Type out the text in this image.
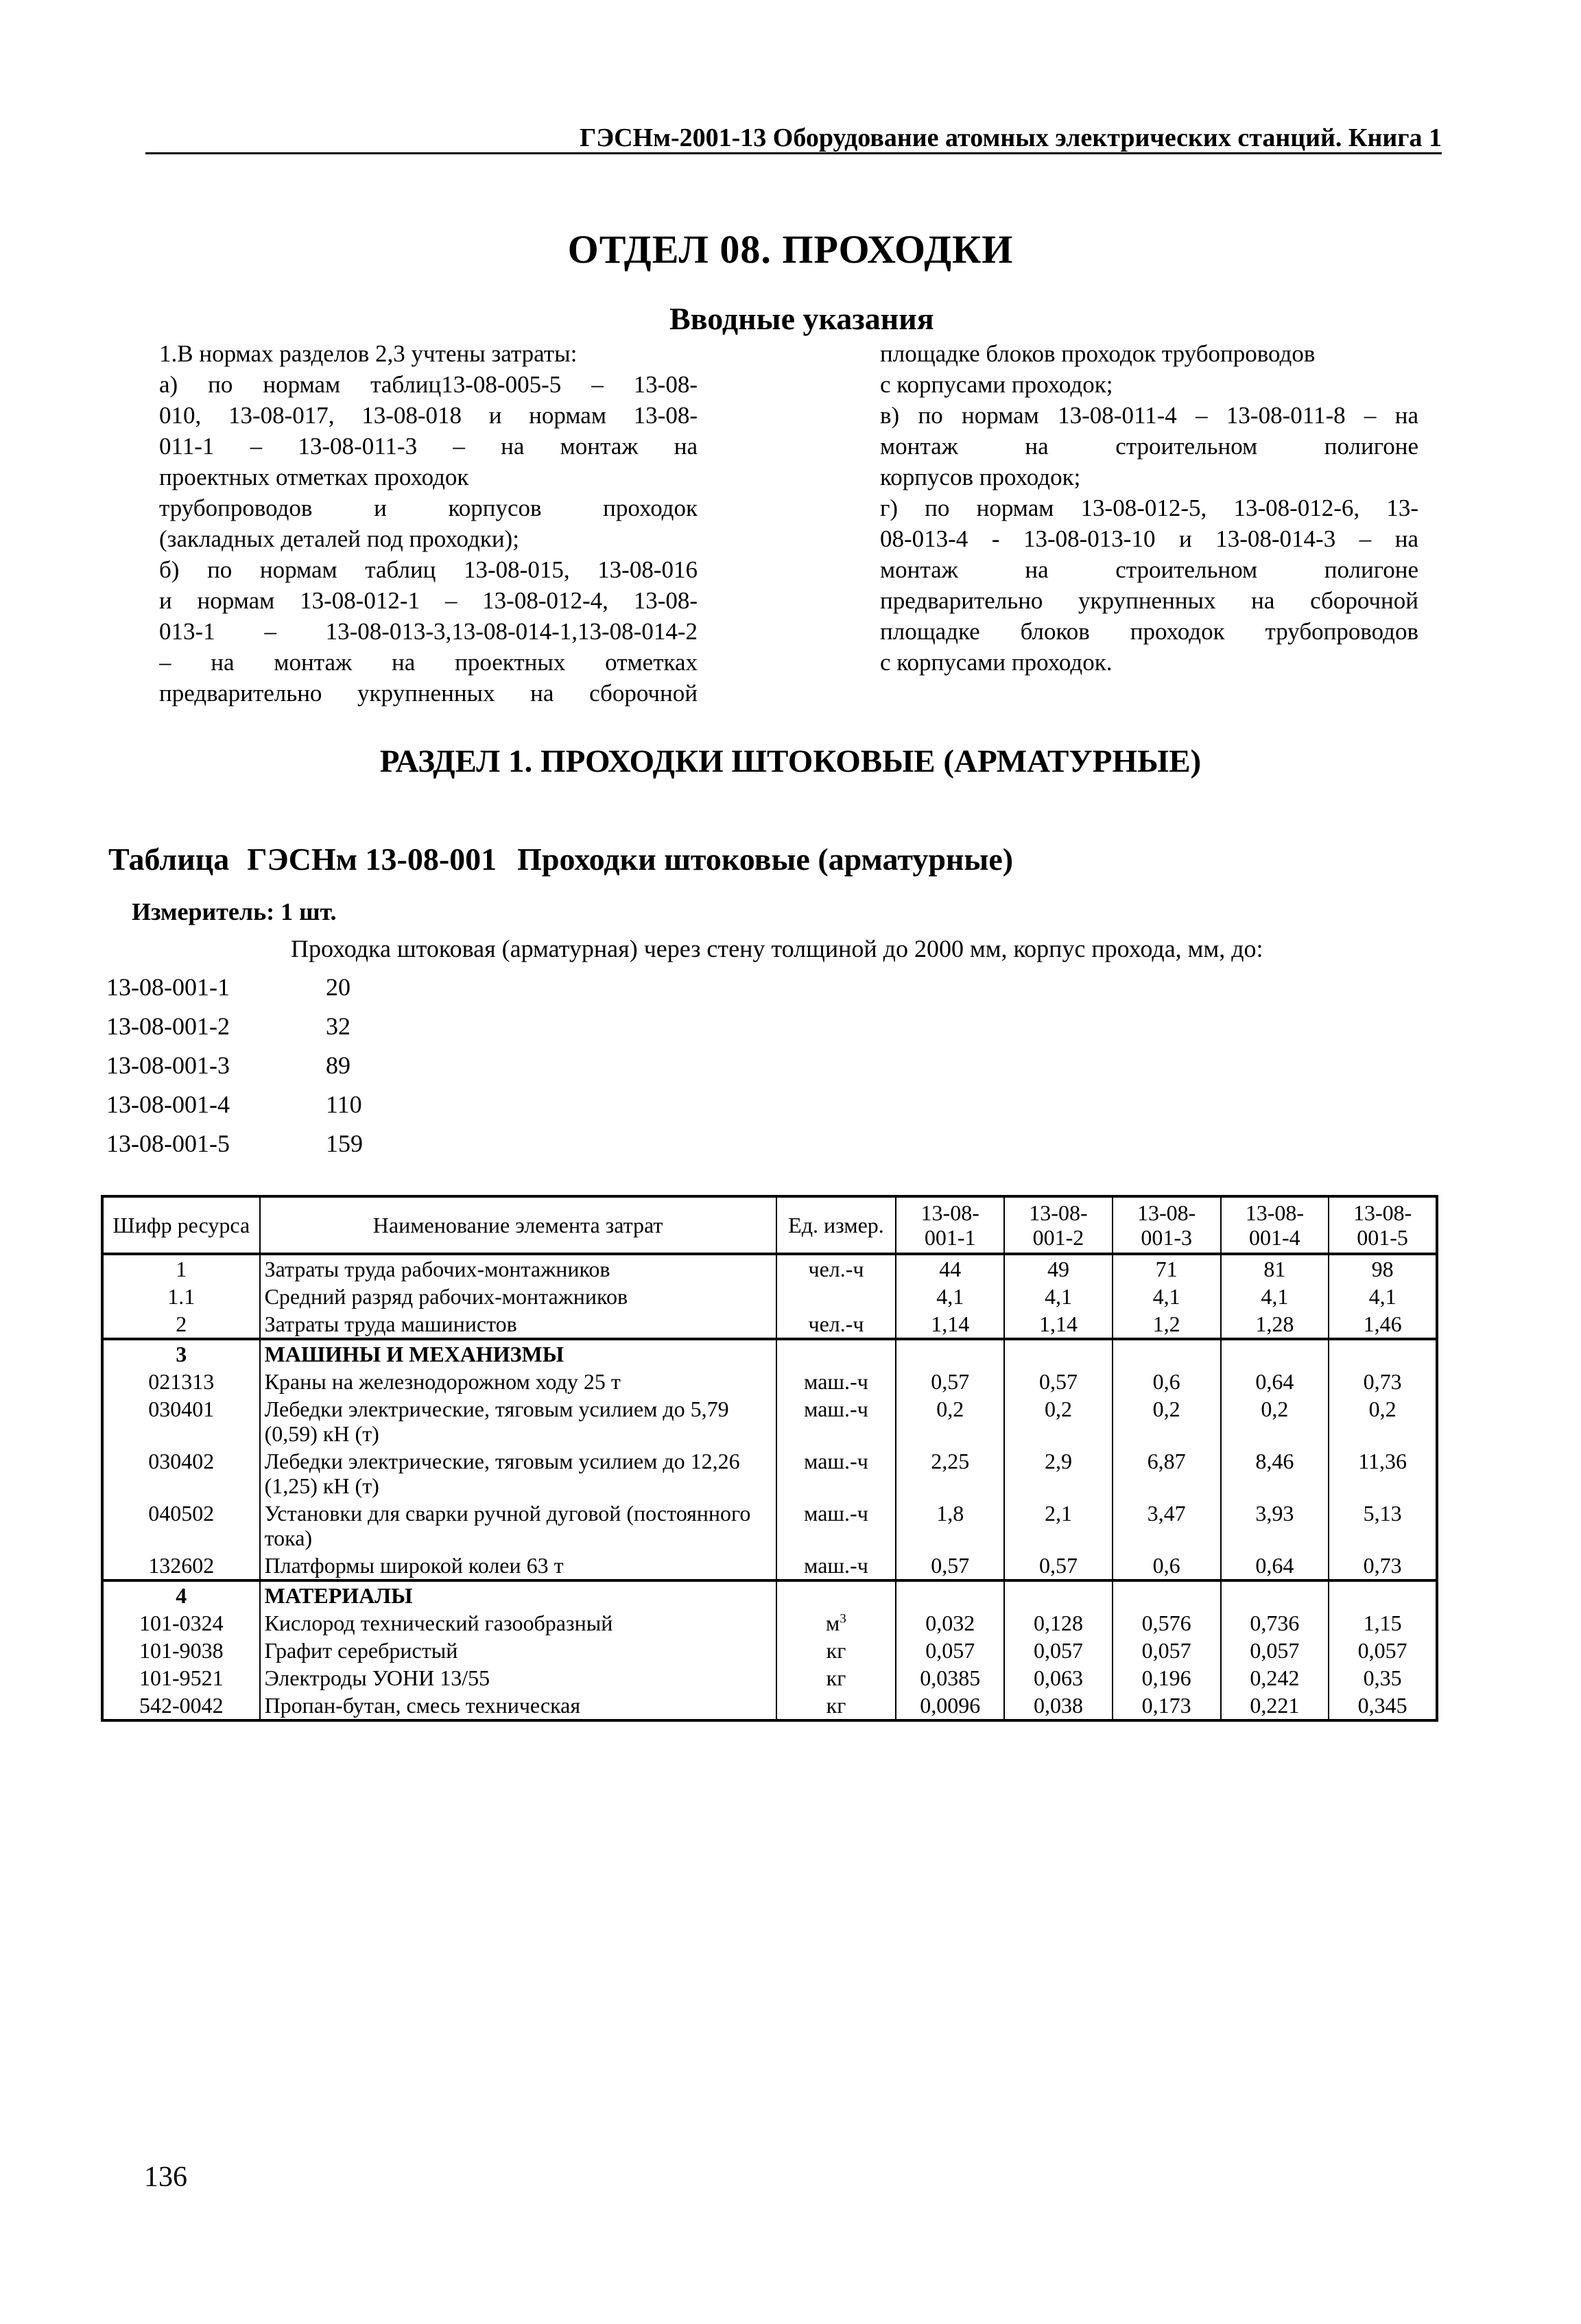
ГЭСНм-2001-13 Оборудование атомных электрических станций. Книга 1
ОТДЕЛ 08. ПРОХОДКИ
Вводные указания
1.В нормах разделов 2,3 учтены затраты:
а) по нормам таблиц13-08-005-5 – 13-08-
010, 13-08-017, 13-08-018 и нормам 13-08-
011-1 – 13-08-011-3 – на монтаж на
проектных отметках проходок
трубопроводов и корпусов проходок
(закладных деталей под проходки);
б) по нормам таблиц 13-08-015, 13-08-016
и нормам 13-08-012-1 – 13-08-012-4, 13-08-
013-1 – 13-08-013-3,13-08-014-1,13-08-014-2
– на монтаж на проектных отметках
предварительно укрупненных на сборочной
площадке блоков проходок трубопроводов
с корпусами проходок;
в) по нормам 13-08-011-4 – 13-08-011-8 – на
монтаж на строительном полигоне
корпусов проходок;
г) по нормам 13-08-012-5, 13-08-012-6, 13-
08-013-4 - 13-08-013-10 и 13-08-014-3 – на
монтаж на строительном полигоне
предварительно укрупненных на сборочной
площадке блоков проходок трубопроводов
с корпусами проходок.
РАЗДЕЛ 1. ПРОХОДКИ ШТОКОВЫЕ (АРМАТУРНЫЕ)
Таблица ГЭСНм 13-08-001 Проходки штоковые (арматурные)
Измеритель: 1 шт.
Проходка штоковая (арматурная) через стену толщиной до 2000 мм, корпус прохода, мм, до:
13-08-001-1	20
13-08-001-2	32
13-08-001-3	89
13-08-001-4	110
13-08-001-5	159
Шифр ресурса	Наименование элемента затрат	Ед. измер.	13-08-001-1	13-08-001-2	13-08-001-3	13-08-001-4	13-08-001-5
1	Затраты труда рабочих-монтажников	чел.-ч	44	49	71	81	98
1.1	Средний разряд рабочих-монтажников		4,1	4,1	4,1	4,1	4,1
2	Затраты труда машинистов	чел.-ч	1,14	1,14	1,2	1,28	1,46
3	МАШИНЫ И МЕХАНИЗМЫ						
021313	Краны на железнодорожном ходу 25 т	маш.-ч	0,57	0,57	0,6	0,64	0,73
030401	Лебедки электрические, тяговым усилием до 5,79 (0,59) кН (т)	маш.-ч	0,2	0,2	0,2	0,2	0,2
030402	Лебедки электрические, тяговым усилием до 12,26 (1,25) кН (т)	маш.-ч	2,25	2,9	6,87	8,46	11,36
040502	Установки для сварки ручной дуговой (постоянного тока)	маш.-ч	1,8	2,1	3,47	3,93	5,13
132602	Платформы широкой колеи 63 т	маш.-ч	0,57	0,57	0,6	0,64	0,73
4	МАТЕРИАЛЫ						
101-0324	Кислород технический газообразный	$м^3$	0,032	0,128	0,576	0,736	1,15
101-9038	Графит серебристый	кг	0,057	0,057	0,057	0,057	0,057
101-9521	Электроды УОНИ 13/55	кг	0,0385	0,063	0,196	0,242	0,35
542-0042	Пропан-бутан, смесь техническая	кг	0,0096	0,038	0,173	0,221	0,345
136
